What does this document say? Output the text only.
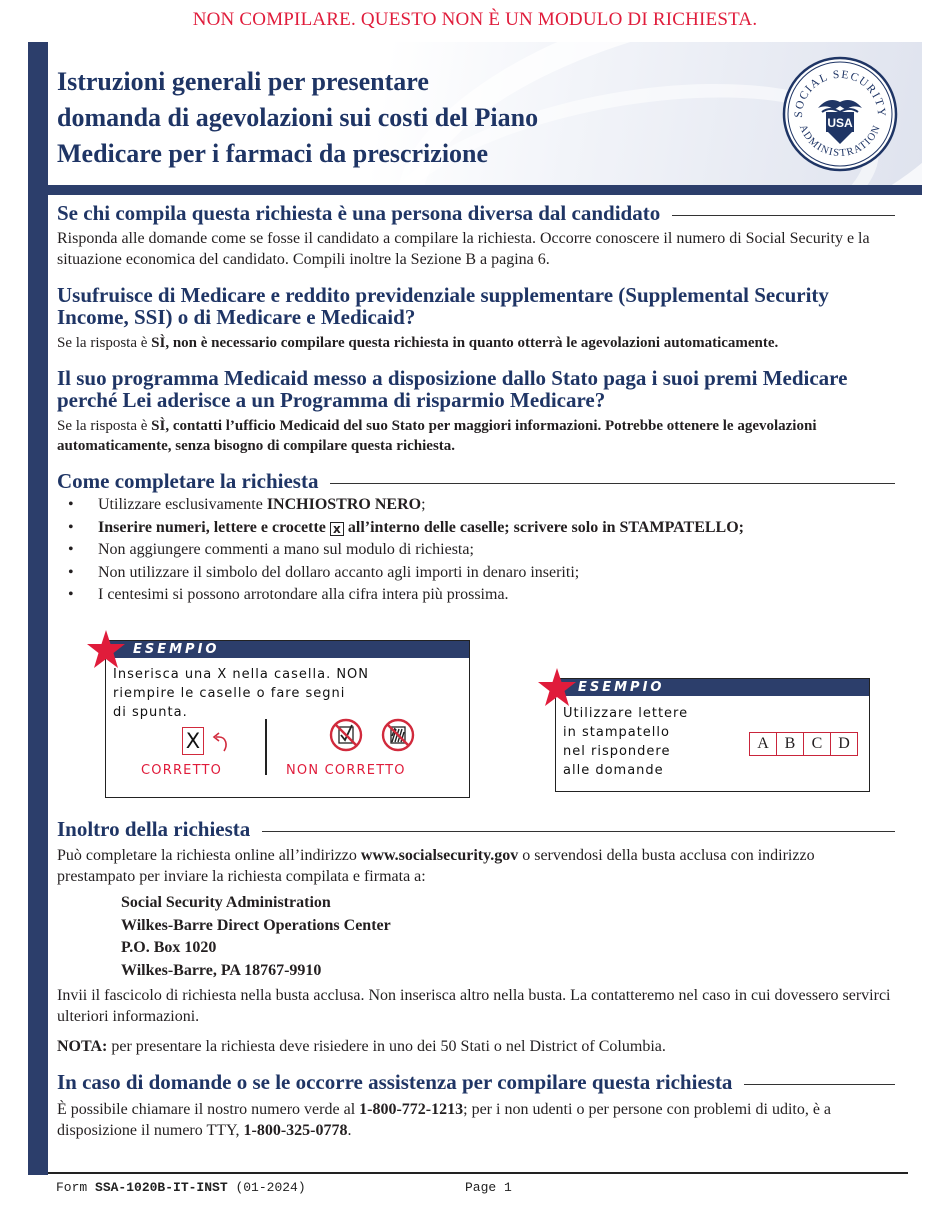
NON COMPILARE. QUESTO NON È UN MODULO DI RICHIESTA.
Istruzioni generali per presentare
domanda di agevolazioni sui costi del Piano
Medicare per i farmaci da prescrizione
SOCIAL SECURITY
ADMINISTRATION
USA
Se chi compila questa richiesta è una persona diversa dal candidato

Risponda alle domande come se fosse il candidato a compilare la richiesta. Occorre conoscere il numero di Social Security e la situazione economica del candidato. Compili inoltre la Sezione B a pagina 6.

Usufruisce di Medicare e reddito previdenziale supplementare (Supplemental Security Income, SSI) o di Medicare e Medicaid?

Se la risposta è SÌ, non è necessario compilare questa richiesta in quanto otterrà le agevolazioni automaticamente.

Il suo programma Medicaid messo a disposizione dallo Stato paga i suoi premi Medicare perché Lei aderisce a un Programma di risparmio Medicare?

Se la risposta è SÌ, contatti l’ufficio Medicaid del suo Stato per maggiori informazioni. Potrebbe ottenere le agevolazioni automaticamente, senza bisogno di compilare questa richiesta.

Come completare la richiesta
• Utilizzare esclusivamente INCHIOSTRO NERO;
• Inserire numeri, lettere e crocette x all’interno delle caselle; scrivere solo in STAMPATELLO;
• Non aggiungere commenti a mano sul modulo di richiesta;
• Non utilizzare il simbolo del dollaro accanto agli importi in denaro inseriti;
• I centesimi si possono arrotondare alla cifra intera più prossima.
ESEMPIO
Inserisca una X nella casella. NON
riempire le caselle o fare segni
di spunta.
X
CORRETTO	NON CORRETTO
ESEMPIO
Utilizzare lettere
in stampatello
nel rispondere
alle domande
A B	C D
Inoltro della richiesta

Può completare la richiesta online all’indirizzo www.socialsecurity.gov o servendosi della busta acclusa con indirizzo prestampato per inviare la richiesta compilata e firmata a:

Social Security Administration
Wilkes-Barre Direct Operations Center
P.O. Box 1020
Wilkes-Barre, PA 18767-9910

Invii il fascicolo di richiesta nella busta acclusa. Non inserisca altro nella busta. La contatteremo nel caso in cui dovessero servirci ulteriori informazioni.

NOTA: per presentare la richiesta deve risiedere in uno dei 50 Stati o nel District of Columbia.

In caso di domande o se le occorre assistenza per compilare questa richiesta

È possibile chiamare il nostro numero verde al 1-800-772-1213; per i non udenti o per persone con problemi di udito, è a disposizione il numero TTY, 1-800-325-0778.

Form SSA-1020B-IT-INST (01-2024)	Page 1
